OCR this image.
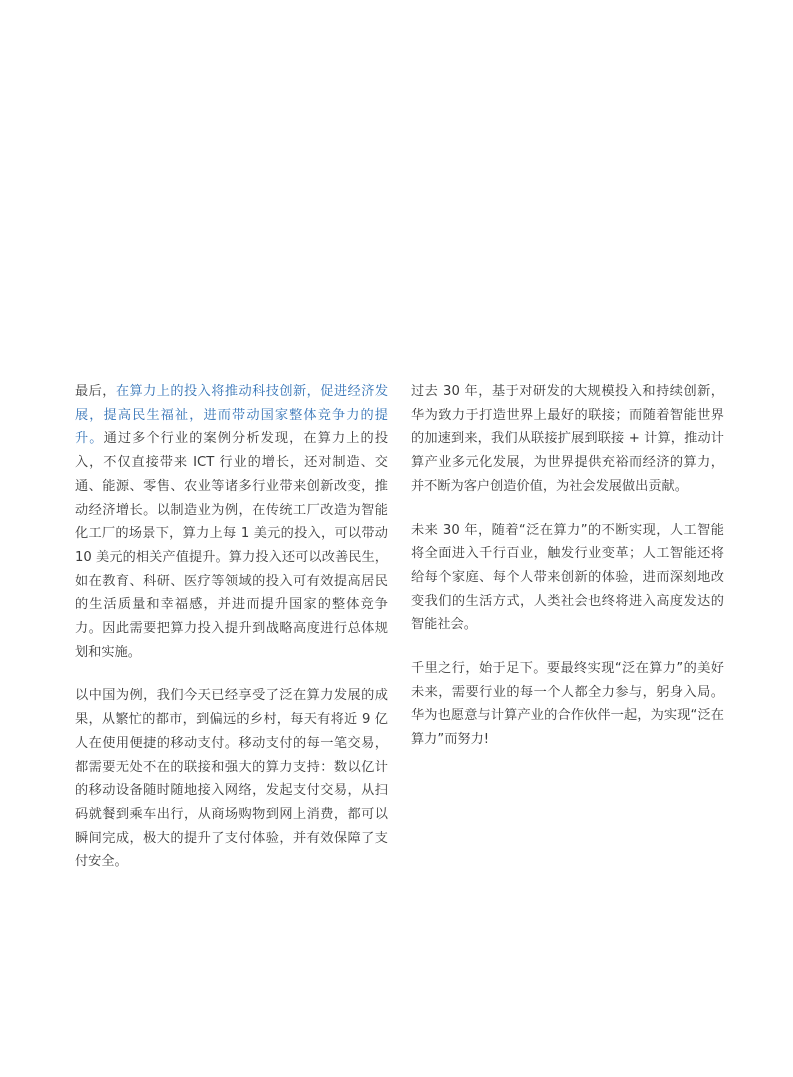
最后，在算力上的投入将推动科技创新，促进经济发展，提高民生福祉，进而带动国家整体竞争力的提升。通过多个行业的案例分析发现，在算力上的投入，不仅直接带来 ICT 行业的增长，还对制造、交通、能源、零售、农业等诸多行业带来创新改变，推动经济增长。以制造业为例，在传统工厂改造为智能化工厂的场景下，算力上每 1 美元的投入，可以带动 10 美元的相关产值提升。算力投入还可以改善民生，如在教育、科研、医疗等领域的投入可有效提高居民的生活质量和幸福感，并进而提升国家的整体竞争力。因此需要把算力投入提升到战略高度进行总体规划和实施。

以中国为例，我们今天已经享受了泛在算力发展的成果，从繁忙的都市，到偏远的乡村，每天有将近 9 亿人在使用便捷的移动支付。移动支付的每一笔交易，都需要无处不在的联接和强大的算力支持：数以亿计的移动设备随时随地接入网络，发起支付交易，从扫码就餐到乘车出行，从商场购物到网上消费，都可以瞬间完成，极大的提升了支付体验，并有效保障了支付安全。

过去 30 年，基于对研发的大规模投入和持续创新，华为致力于打造世界上最好的联接；而随着智能世界的加速到来，我们从联接扩展到联接 + 计算，推动计算产业多元化发展，为世界提供充裕而经济的算力，并不断为客户创造价值，为社会发展做出贡献。

未来 30 年，随着“泛在算力”的不断实现，人工智能将全面进入千行百业，触发行业变革；人工智能还将给每个家庭、每个人带来创新的体验，进而深刻地改变我们的生活方式，人类社会也终将进入高度发达的智能社会。

千里之行，始于足下。要最终实现“泛在算力”的美好未来，需要行业的每一个人都全力参与，躬身入局。华为也愿意与计算产业的合作伙伴一起，为实现“泛在算力”而努力!
